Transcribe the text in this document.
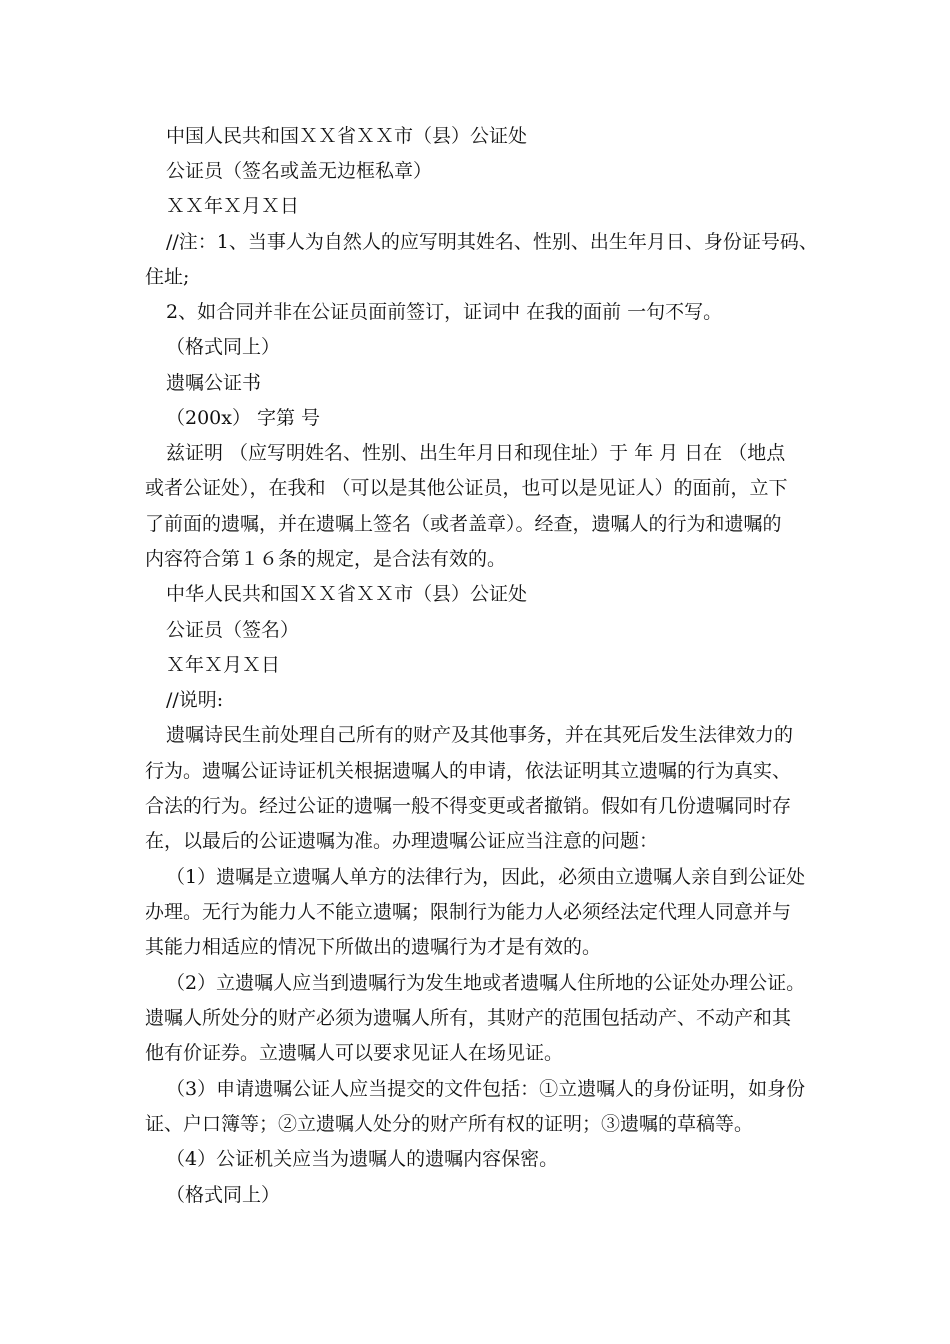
中国人民共和国ＸＸ省ＸＸ市（县）公证处
公证员（签名或盖无边框私章）
ＸＸ年Ｘ月Ｘ日
//注：1、当事人为自然人的应写明其姓名、性别、出生年月日、身份证号码、
住址;
2、如合同并非在公证员面前签订，证词中 在我的面前 一句不写。
（格式同上）
遗嘱公证书
（200x） 字第 号
兹证明 （应写明姓名、性别、出生年月日和现住址）于 年 月 日在 （地点
或者公证处），在我和 （可以是其他公证员，也可以是见证人）的面前，立下
了前面的遗嘱，并在遗嘱上签名（或者盖章）。经查，遗嘱人的行为和遗嘱的
内容符合第１６条的规定，是合法有效的。
中华人民共和国ＸＸ省ＸＸ市（县）公证处
公证员（签名）
Ｘ年Ｘ月Ｘ日
//说明:
遗嘱诗民生前处理自己所有的财产及其他事务，并在其死后发生法律效力的
行为。遗嘱公证诗证机关根据遗嘱人的申请，依法证明其立遗嘱的行为真实、
合法的行为。经过公证的遗嘱一般不得变更或者撤销。假如有几份遗嘱同时存
在，以最后的公证遗嘱为准。办理遗嘱公证应当注意的问题：
（1）遗嘱是立遗嘱人单方的法律行为，因此，必须由立遗嘱人亲自到公证处
办理。无行为能力人不能立遗嘱；限制行为能力人必须经法定代理人同意并与
其能力相适应的情况下所做出的遗嘱行为才是有效的。
（2）立遗嘱人应当到遗嘱行为发生地或者遗嘱人住所地的公证处办理公证。
遗嘱人所处分的财产必须为遗嘱人所有，其财产的范围包括动产、不动产和其
他有价证券。立遗嘱人可以要求见证人在场见证。
（3）申请遗嘱公证人应当提交的文件包括：①立遗嘱人的身份证明，如身份
证、户口簿等；②立遗嘱人处分的财产所有权的证明；③遗嘱的草稿等。
（4）公证机关应当为遗嘱人的遗嘱内容保密。
（格式同上）
